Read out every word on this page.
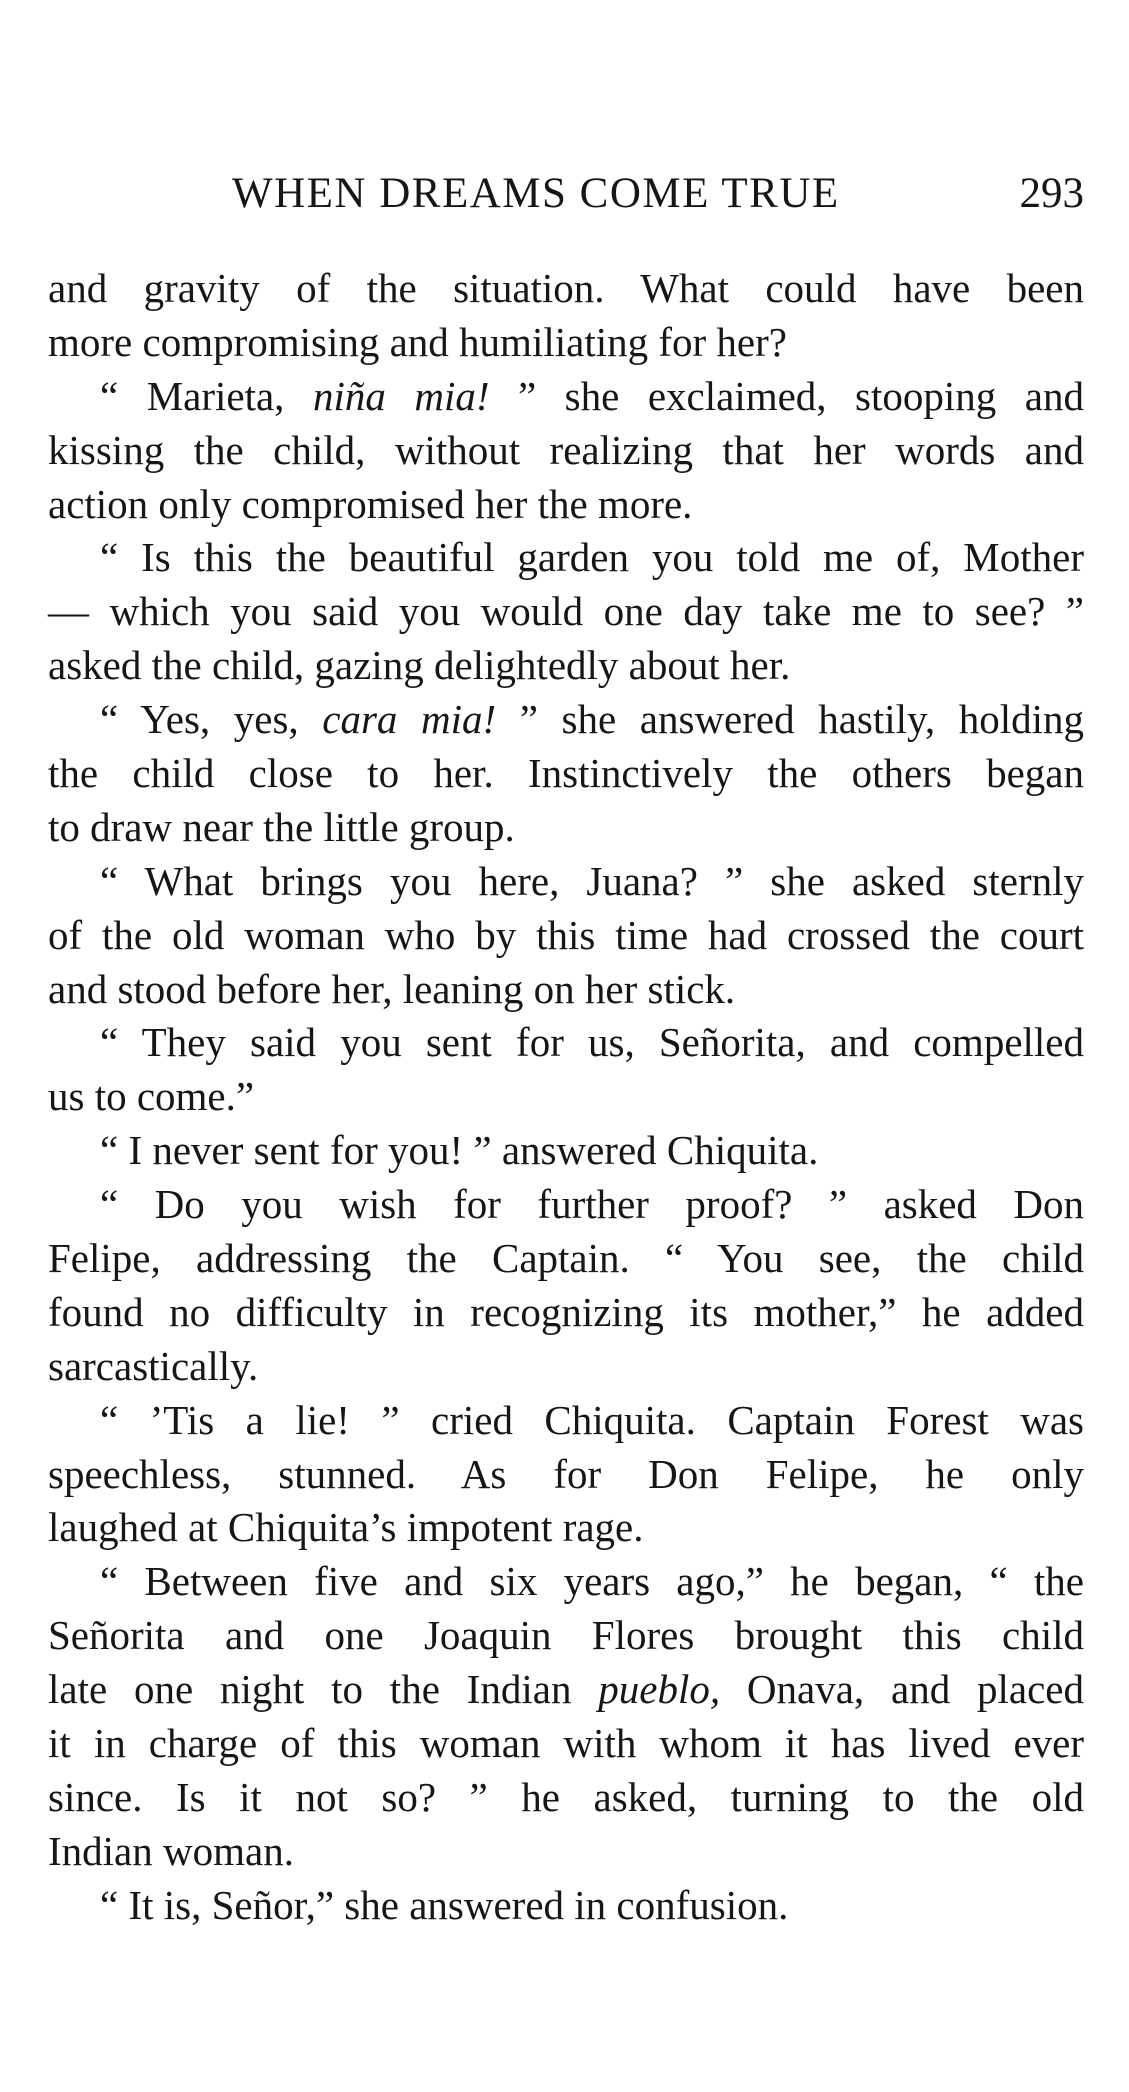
WHEN DREAMS COME TRUE	293
and gravity of the situation. What could have been
more compromising and humiliating for her?
“ Marieta, niña mia! ” she exclaimed, stooping and
kissing the child, without realizing that her words and
action only compromised her the more.
“ Is this the beautiful garden you told me of, Mother
— which you said you would one day take me to see? ”
asked the child, gazing delightedly about her.
“ Yes, yes, cara mia! ” she answered hastily, holding
the child close to her. Instinctively the others began
to draw near the little group.
“ What brings you here, Juana? ” she asked sternly
of the old woman who by this time had crossed the court
and stood before her, leaning on her stick.
“ They said you sent for us, Señorita, and compelled
us to come.”
“ I never sent for you! ” answered Chiquita.
“ Do you wish for further proof? ” asked Don
Felipe, addressing the Captain. “ You see, the child
found no difficulty in recognizing its mother,” he added
sarcastically.
“ ’Tis a lie! ” cried Chiquita. Captain Forest was
speechless, stunned. As for Don Felipe, he only
laughed at Chiquita’s impotent rage.
“ Between five and six years ago,” he began, “ the
Señorita and one Joaquin Flores brought this child
late one night to the Indian pueblo, Onava, and placed
it in charge of this woman with whom it has lived ever
since. Is it not so? ” he asked, turning to the old
Indian woman.
“ It is, Señor,” she answered in confusion.
